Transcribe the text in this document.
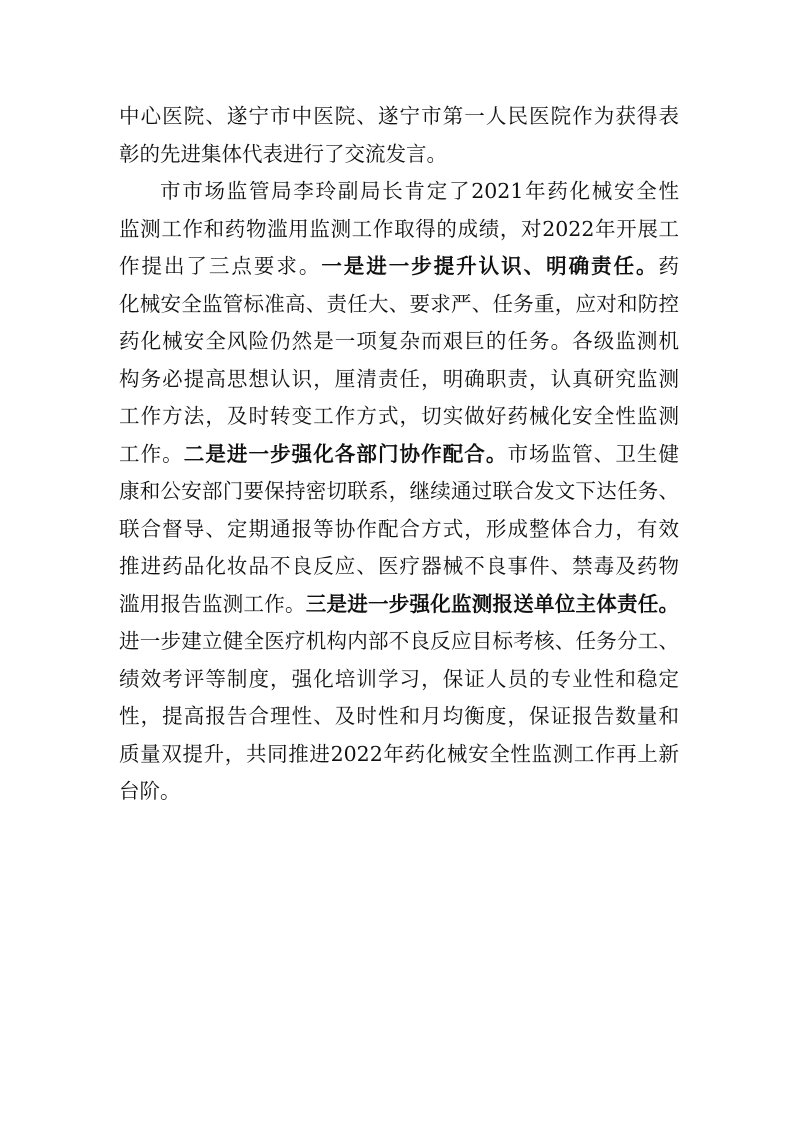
中心医院、遂宁市中医院、遂宁市第一人民医院作为获得表
彰的先进集体代表进行了交流发言。
市市场监管局李玲副局长肯定了2021年药化械安全性
监测工作和药物滥用监测工作取得的成绩，对2022年开展工
作提出了三点要求。一是进一步提升认识、明确责任。药
化械安全监管标准高、责任大、要求严、任务重，应对和防控
药化械安全风险仍然是一项复杂而艰巨的任务。各级监测机
构务必提高思想认识，厘清责任，明确职责，认真研究监测
工作方法，及时转变工作方式，切实做好药械化安全性监测
工作。二是进一步强化各部门协作配合。市场监管、卫生健
康和公安部门要保持密切联系，继续通过联合发文下达任务、
联合督导、定期通报等协作配合方式，形成整体合力，有效
推进药品化妆品不良反应、医疗器械不良事件、禁毒及药物
滥用报告监测工作。三是进一步强化监测报送单位主体责任。
进一步建立健全医疗机构内部不良反应目标考核、任务分工、
绩效考评等制度，强化培训学习，保证人员的专业性和稳定
性，提高报告合理性、及时性和月均衡度，保证报告数量和
质量双提升，共同推进2022年药化械安全性监测工作再上新
台阶。
